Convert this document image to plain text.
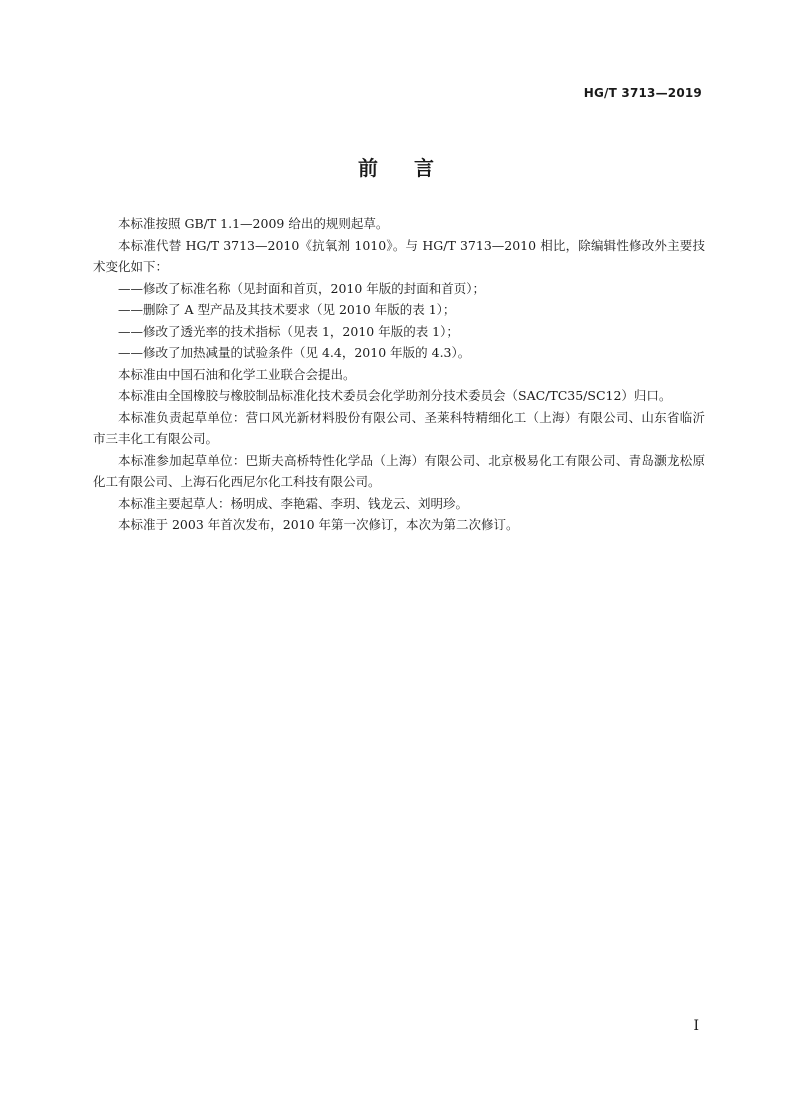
HG/T 3713—2019
前 言

本标准按照 GB/T 1.1—2009 给出的规则起草。

本标准代替 HG/T 3713—2010《抗氧剂 1010》。与 HG/T 3713—2010 相比，除编辑性修改外主要技术变化如下：

——修改了标准名称（见封面和首页，2010 年版的封面和首页）；

——删除了 A 型产品及其技术要求（见 2010 年版的表 1）；

——修改了透光率的技术指标（见表 1，2010 年版的表 1）；

——修改了加热减量的试验条件（见 4.4，2010 年版的 4.3）。

本标准由中国石油和化学工业联合会提出。

本标准由全国橡胶与橡胶制品标准化技术委员会化学助剂分技术委员会（SAC/TC35/SC12）归口。

本标准负责起草单位：营口风光新材料股份有限公司、圣莱科特精细化工（上海）有限公司、山东省临沂市三丰化工有限公司。

本标准参加起草单位：巴斯夫高桥特性化学品（上海）有限公司、北京极易化工有限公司、青岛灏龙松原化工有限公司、上海石化西尼尔化工科技有限公司。

本标准主要起草人：杨明成、李艳霜、李玥、钱龙云、刘明珍。

本标准于 2003 年首次发布，2010 年第一次修订，本次为第二次修订。

I
